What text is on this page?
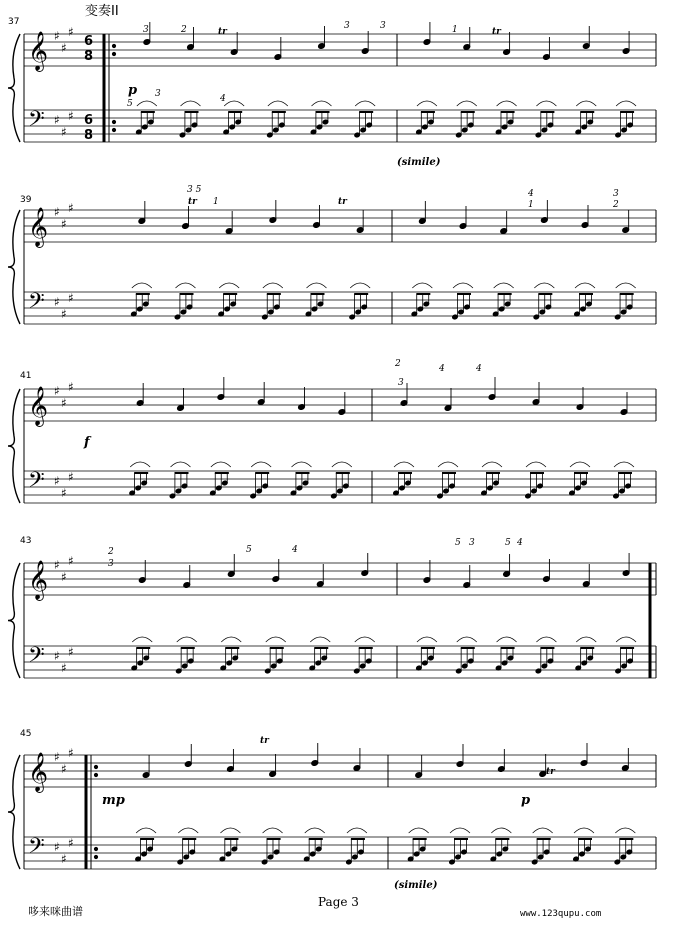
𝄞
𝄢
♯
♯
♯
♯
♯
♯
𝄞
𝄢
♯
♯
♯
♯
♯
♯
𝄞
𝄢
♯
♯
♯
♯
♯
♯
𝄞
𝄢
♯
♯
♯
♯
♯
♯
𝄞
𝄢
♯
♯
♯
♯
♯
♯
变奏II
37
39
41
43
45
6
8
6
8
3	2	tr
3	3	1	tr
5
3	4
p
(simile)
3 5
tr 1	tr
4
1
3
2
f
2
3
4	4
2
3
5	4
5 3	5 4
tr
tr
mp	p
(simile)
Page 3
哆来咪曲谱	www.123qupu.com
